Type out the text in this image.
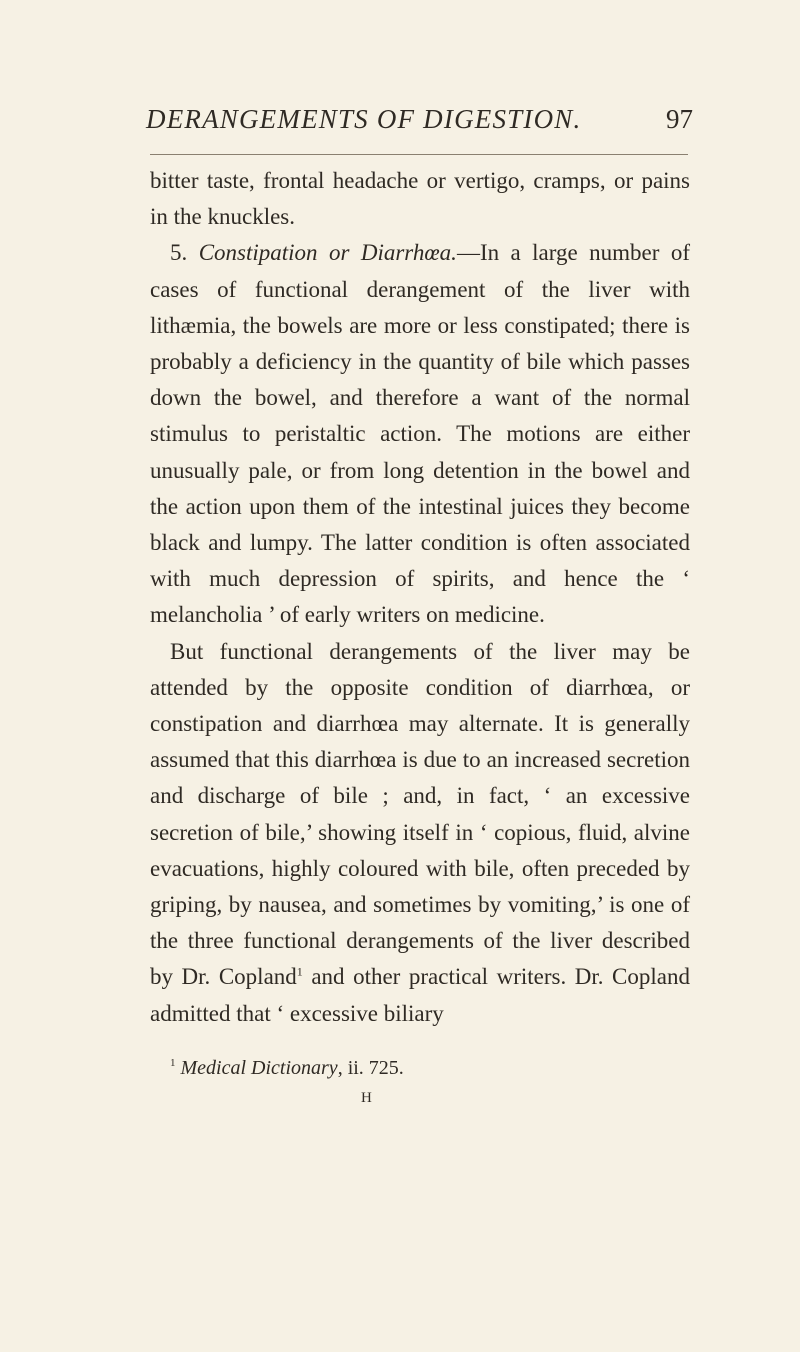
DERANGEMENTS OF DIGESTION.	97

bitter taste, frontal headache or vertigo, cramps, or pains in the knuckles.

5. Constipation or Diarrhœa.—In a large number of cases of functional derangement of the liver with lithæmia, the bowels are more or less constipated; there is probably a deficiency in the quantity of bile which passes down the bowel, and therefore a want of the normal stimulus to peristaltic action. The motions are either unusually pale, or from long detention in the bowel and the action upon them of the intestinal juices they become black and lumpy. The latter condition is often associated with much depression of spirits, and hence the ‘ melancholia ’ of early writers on medicine.

But functional derangements of the liver may be attended by the opposite condition of diarrhœa, or constipation and diarrhœa may alternate. It is generally assumed that this diarrhœa is due to an increased secretion and discharge of bile ; and, in fact, ‘ an excessive secretion of bile,’ showing itself in ‘ copious, fluid, alvine evacuations, highly coloured with bile, often preceded by griping, by nausea, and sometimes by vomiting,’ is one of the three functional derangements of the liver described by Dr. Copland$^1$ and other practical writers. Dr. Copland admitted that ‘ excessive biliary

$^1$ Medical Dictionary, ii. 725.
H
